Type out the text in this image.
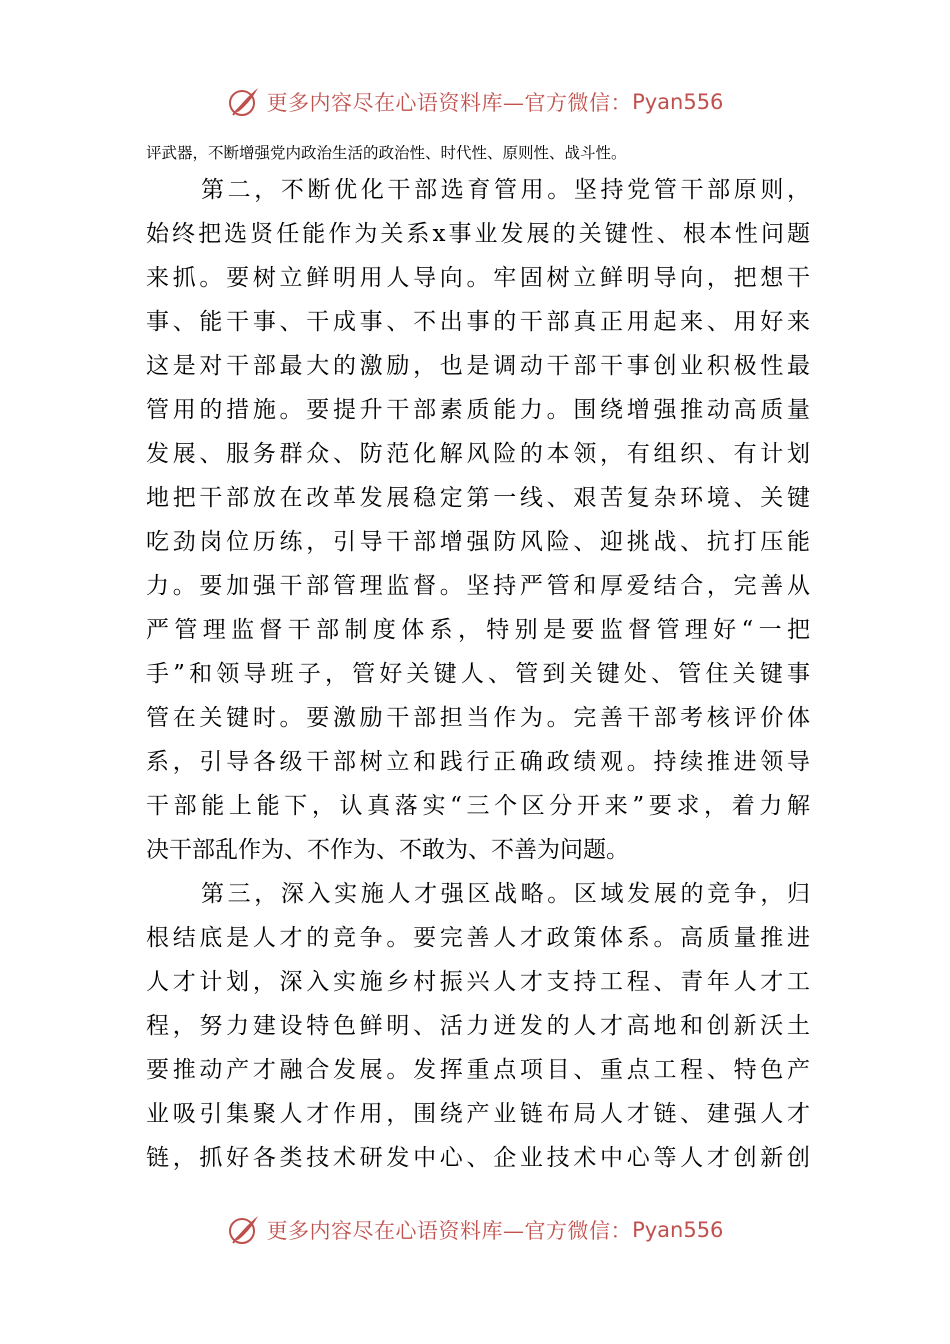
更多内容尽在心语资料库—官方微信： Pyan556
评武器，不断增强党内政治生活的政治性、时代性、原则性、战斗性。
第二，不断优化干部选育管用。坚持党管干部原则，
始终把选贤任能作为关系x事业发展的关键性、根本性问题
来抓。要树立鲜明用人导向。牢固树立鲜明导向，把想干
事、能干事、干成事、不出事的干部真正用起来、用好来
这是对干部最大的激励，也是调动干部干事创业积极性最
管用的措施。要提升干部素质能力。围绕增强推动高质量
发展、服务群众、防范化解风险的本领，有组织、有计划
地把干部放在改革发展稳定第一线、艰苦复杂环境、关键
吃劲岗位历练，引导干部增强防风险、迎挑战、抗打压能
力。要加强干部管理监督。坚持严管和厚爱结合，完善从
严管理监督干部制度体系，特别是要监督管理好“一把
手”和领导班子，管好关键人、管到关键处、管住关键事
管在关键时。要激励干部担当作为。完善干部考核评价体
系，引导各级干部树立和践行正确政绩观。持续推进领导
干部能上能下，认真落实“三个区分开来”要求，着力解
决干部乱作为、不作为、不敢为、不善为问题。
第三，深入实施人才强区战略。区域发展的竞争，归
根结底是人才的竞争。要完善人才政策体系。高质量推进
人才计划，深入实施乡村振兴人才支持工程、青年人才工
程，努力建设特色鲜明、活力迸发的人才高地和创新沃土
要推动产才融合发展。发挥重点项目、重点工程、特色产
业吸引集聚人才作用，围绕产业链布局人才链、建强人才
链，抓好各类技术研发中心、企业技术中心等人才创新创
更多内容尽在心语资料库—官方微信： Pyan556
